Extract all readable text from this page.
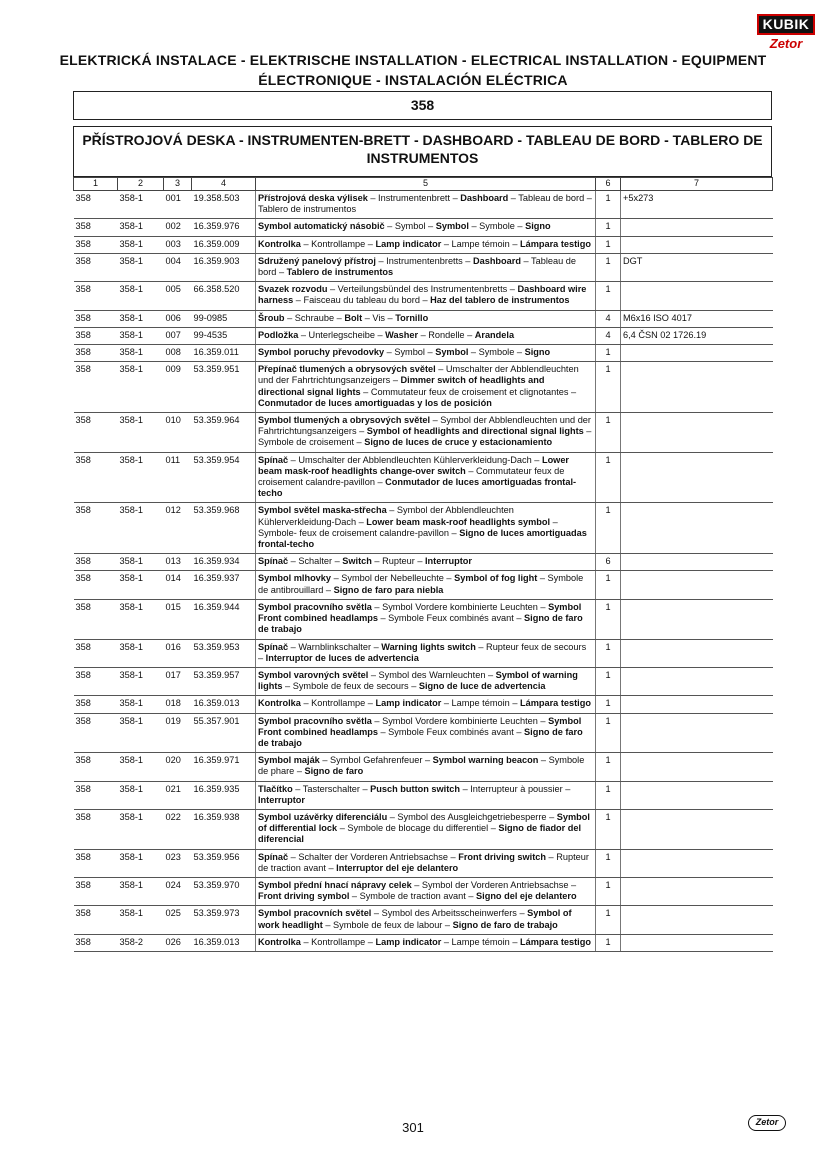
ELEKTRICKÁ INSTALACE - ELEKTRISCHE INSTALLATION - ELECTRICAL INSTALLATION - EQUIPMENT
ÉLECTRONIQUE - INSTALACIÓN ELÉCTRICA
KUBIK
Zetor
358
PŘÍSTROJOVÁ DESKA - INSTRUMENTEN-BRETT - DASHBOARD - TABLEAU DE BORD - TABLERO DE INSTRUMENTOS
1	2	3	4	5	6	7
358	358-1	001	19.358.503	Přístrojová deska výlisek – Instrumentenbrett – Dashboard – Tableau de bord – Tablero de instrumentos	1	+5x273
358	358-1	002	16.359.976	Symbol automatický násobič – Symbol – Symbol – Symbole – Signo	1	
358	358-1	003	16.359.009	Kontrolka – Kontrollampe – Lamp indicator – Lampe témoin – Lámpara testigo	1	
358	358-1	004	16.359.903	Sdružený panelový přístroj – Instrumentenbretts – Dashboard – Tableau de bord – Tablero de instrumentos	1	DGT
358	358-1	005	66.358.520	Svazek rozvodu – Verteilungsbündel des Instrumentenbretts – Dashboard wire harness – Faisceau du tableau du bord – Haz del tablero de instrumentos	1	
358	358-1	006	99-0985	Šroub – Schraube – Bolt – Vis – Tornillo	4	M6x16 ISO 4017
358	358-1	007	99-4535	Podložka – Unterlegscheibe – Washer – Rondelle – Arandela	4	6,4 ČSN 02 1726.19
358	358-1	008	16.359.011	Symbol poruchy převodovky – Symbol – Symbol – Symbole – Signo	1	
358	358-1	009	53.359.951	Přepínač tlumených a obrysových světel – Umschalter der Abblendleuchten und der Fahrtrichtungsanzeigers – Dimmer switch of headlights and directional signal lights – Commutateur feux de croisement et clignotantes – Conmutador de luces amortiguadas y los de posición	1	
358	358-1	010	53.359.964	Symbol tlumených a obrysových světel – Symbol der Abblendleuchten und der Fahrtrichtungsanzeigers – Symbol of headlights and directional signal lights – Symbole de croisement – Signo de luces de cruce y estacionamiento	1	
358	358-1	011	53.359.954	Spínač – Umschalter der Abblendleuchten Kühlerverkleidung-Dach – Lower beam mask-roof headlights change-over switch – Commutateur feux de croisement calandre-pavillon – Conmutador de luces amortiguadas frontal-techo	1	
358	358-1	012	53.359.968	Symbol světel maska-střecha – Symbol der Abblendleuchten Kühlerverkleidung-Dach – Lower beam mask-roof headlights symbol – Symbole- feux de croisement calandre-pavillon – Signo de luces amortiguadas frontal-techo	1	
358	358-1	013	16.359.934	Spínač – Schalter – Switch – Rupteur – Interruptor	6	
358	358-1	014	16.359.937	Symbol mlhovky – Symbol der Nebelleuchte – Symbol of fog light – Symbole de antibrouillard – Signo de faro para niebla	1	
358	358-1	015	16.359.944	Symbol pracovního světla – Symbol Vordere kombinierte Leuchten – Symbol Front combined headlamps – Symbole Feux combinés avant – Signo de faro de trabajo	1	
358	358-1	016	53.359.953	Spínač – Warnblinkschalter – Warning lights switch – Rupteur feux de secours – Interruptor de luces de advertencia	1	
358	358-1	017	53.359.957	Symbol varovných světel – Symbol des Warnleuchten – Symbol of warning lights – Symbole de feux de secours – Signo de luce de advertencia	1	
358	358-1	018	16.359.013	Kontrolka – Kontrollampe – Lamp indicator – Lampe témoin – Lámpara testigo	1	
358	358-1	019	55.357.901	Symbol pracovního světla – Symbol Vordere kombinierte Leuchten – Symbol Front combined headlamps – Symbole Feux combinés avant – Signo de faro de trabajo	1	
358	358-1	020	16.359.971	Symbol maják – Symbol Gefahrenfeuer – Symbol warning beacon – Symbole de phare – Signo de faro	1	
358	358-1	021	16.359.935	Tlačítko – Tasterschalter – Pusch button switch – Interrupteur à poussier – Interruptor	1	
358	358-1	022	16.359.938	Symbol uzávěrky diferenciálu – Symbol des Ausgleichgetriebesperre – Symbol of differential lock – Symbole de blocage du differentiel – Signo de fiador del diferencial	1	
358	358-1	023	53.359.956	Spínač – Schalter der Vorderen Antriebsachse – Front driving switch – Rupteur de traction avant – Interruptor del eje delantero	1	
358	358-1	024	53.359.970	Symbol přední hnací nápravy celek – Symbol der Vorderen Antriebsachse – Front driving symbol – Symbole de traction avant – Signo del eje delantero	1	
358	358-1	025	53.359.973	Symbol pracovních světel – Symbol des Arbeitsscheinwerfers – Symbol of work headlight – Symbole de feux de labour – Signo de faro de trabajo	1	
358	358-2	026	16.359.013	Kontrolka – Kontrollampe – Lamp indicator – Lampe témoin – Lámpara testigo	1	
301	Zetor
